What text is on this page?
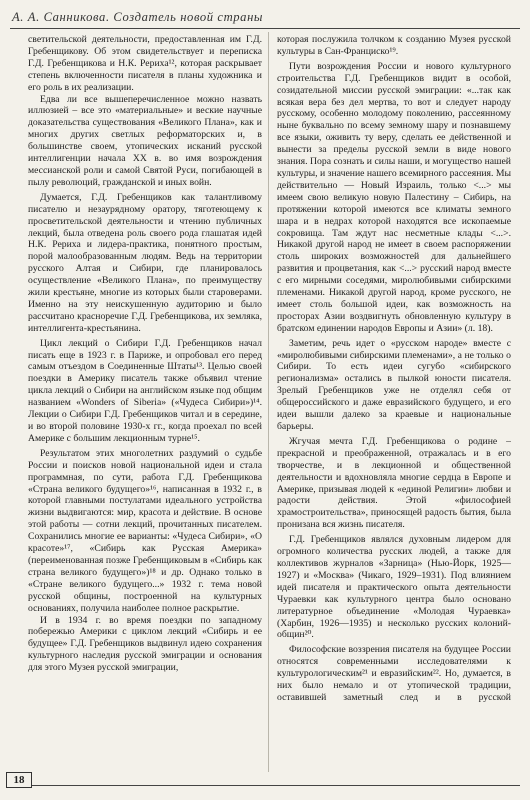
А. А. Санникова. Создатель новой страны

светительской деятельности, предоставленная им Г.Д. Гребенщикову. Об этом свидетельствует и переписка Г.Д. Гребенщикова и Н.К. Рериха¹², которая раскрывает степень включенности писателя в планы художника и его роль в их реализации.

Едва ли все вышеперечисленное можно назвать иллюзией – все это «материальные» и веские научные доказательства существования «Великого Плана», как и многих других светлых реформаторских и, в большинстве своем, утопических исканий русской интеллигенции начала XX в. во имя возрождения мессианской роли и самой Святой Руси, погибающей в пылу революций, гражданской и иных войн.

Думается, Г.Д. Гребенщиков как талантливому писателю и незаурядному оратору, тяготеющему к просветительской деятельности и чтению публичных лекций, была отведена роль своего рода глашатая идей Н.К. Рериха и лидера-практика, понятного простым, порой малообразованным людям. Ведь на территории русского Алтая и Сибири, где планировалось осуществление «Великого Плана», по преимуществу жили крестьяне, многие из которых были староверами. Именно на эту неискушенную аудиторию и было рассчитано красноречие Г.Д. Гребенщикова, их земляка, интеллигента-крестьянина.

Цикл лекций о Сибири Г.Д. Гребенщиков начал писать еще в 1923 г. в Париже, и опробовал его перед самым отъездом в Соединенные Штаты¹³. Целью своей поездки в Америку писатель также объявил чтение цикла лекций о Сибири на английском языке под общим названием «Wonders of Siberia» («Чудеса Сибири»)¹⁴. Лекции о Сибири Г.Д. Гребенщиков читал и в середине, и во второй половине 1930-х гг., когда проехал по всей Америке с большим лекционным турне¹⁵.

Результатом этих многолетних раздумий о судьбе России и поисков новой национальной идеи и стала программная, по сути, работа Г.Д. Гребенщикова «Страна великого будущего»¹⁶, написанная в 1932 г., в которой главными постулатами идеального устройства жизни выдвигаются: мир, красота и действие. В основе этой работы — сотни лекций, прочитанных писателем. Сохранились многие ее варианты: «Чудеса Сибири», «О красоте»¹⁷, «Сибирь как Русская Америка» (переименованная позже Гребенщиковым в «Сибирь как страна великого будущего»)¹⁸ и др. Однако только в «Стране великого будущего...» 1932 г. тема новой русской общины, построенной на культурных основаниях, получила наиболее полное раскрытие.

И в 1934 г. во время поездки по западному побережью Америки с циклом лекций «Сибирь и ее будущее» Г.Д. Гребенщиков выдвинул идею сохранения культурного наследия русской эмиграции и основания для этого Музея русской эмиграции,

которая послужила толчком к созданию Музея русской культуры в Сан-Франциско¹⁹.

Пути возрождения России и нового культурного строительства Г.Д. Гребенщиков видит в особой, созидательной миссии русской эмиграции: «...так как всякая вера без дел мертва, то вот и следует народу русскому, особенно молодому поколению, рассеянному ныне буквально по всему земному шару и познавшему все языки, оживить ту веру, сделать ее действенной и вынести за пределы русской земли в виде нового знания. Пора сознать и силы наши, и могущество нашей культуры, и значение нашего всемирного рассеяния. Мы действительно — Новый Израиль, только <...> мы имеем свою великую новую Палестину – Сибирь, на протяжении которой имеются все климаты земного шара и в недрах которой находятся все ископаемые сокровища. Там ждут нас несметные клады <...>. Никакой другой народ не имеет в своем распоряжении столь широких возможностей для дальнейшего развития и процветания, как <...> русский народ вместе с его мирными соседями, миролюбивыми сибирскими племенами. Никакой другой народ, кроме русского, не имеет столь большой идеи, как возможность на просторах Азии воздвигнуть обновленную культуру в братском единении народов Европы и Азии» (л. 18).

Заметим, речь идет о «русском народе» вместе с «миролюбивыми сибирскими племенами», а не только о Сибири. То есть идеи сугубо «сибирского регионализма» остались в пылкой юности писателя. Зрелый Гребенщиков уже не отделял себя от общероссийского и даже евразийского будущего, и его идеи вышли далеко за краевые и национальные барьеры.

Жгучая мечта Г.Д. Гребенщикова о родине – прекрасной и преображенной, отражалась и в его творчестве, и в лекционной и общественной деятельности и вдохновляла многие сердца в Европе и Америке, призывая людей к «единой Религии» любви и радости действия. Этой «философией храмостроительства», приносящей радость бытия, была пронизана вся жизнь писателя.

Г.Д. Гребенщиков являлся духовным лидером для огромного количества русских людей, а также для коллективов журналов «Зарница» (Нью-Йорк, 1925—1927) и «Москва» (Чикаго, 1929–1931). Под влиянием идей писателя и практического опыта деятельности Чураевки как культурного центра было основано литературное объединение «Молодая Чураевка» (Харбин, 1926—1935) и несколько русских колоний-общин²⁰.

Философские воззрения писателя на будущее России относятся современными исследователями к культурологическим²¹ и евразийским²². Но, думается, в них было немало и от утопической традиции, оставившей заметный след и в русской

18
